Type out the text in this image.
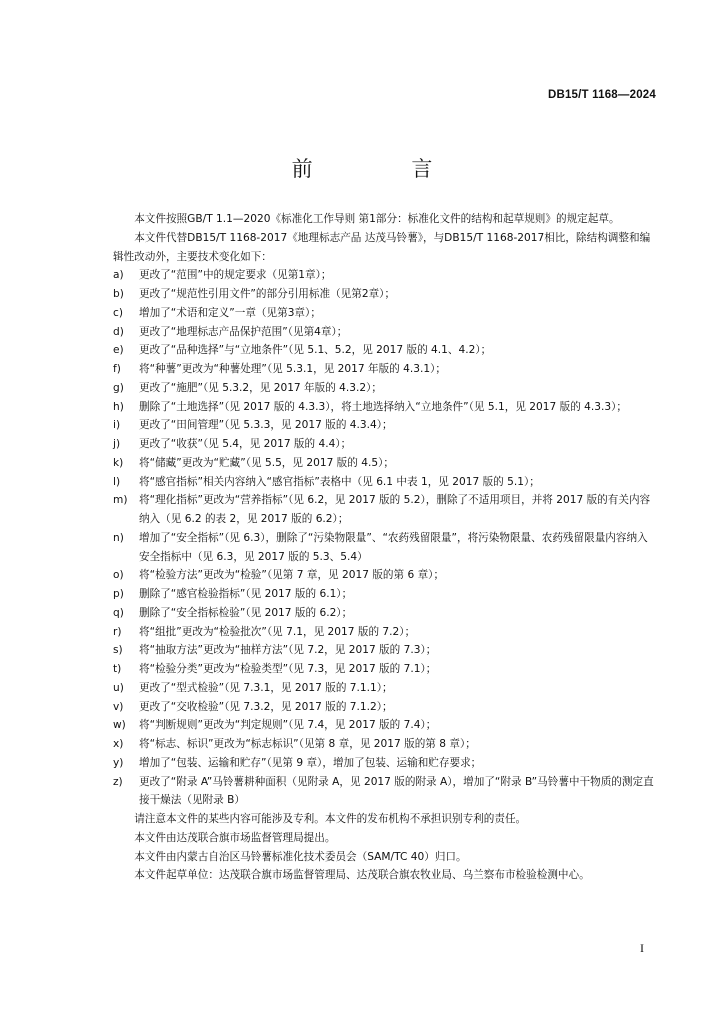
DB15/T 1168—2024
前 言
本文件按照GB/T 1.1—2020《标准化工作导则 第1部分：标准化文件的结构和起草规则》的规定起草。
本文件代替DB15/T 1168-2017《地理标志产品 达茂马铃薯》，与DB15/T 1168-2017相比，除结构调整和编辑性改动外，主要技术变化如下：
a)	更改了“范围”中的规定要求（见第1章）；
b)	更改了“规范性引用文件”的部分引用标准（见第2章）；
c)	增加了“术语和定义”一章（见第3章）；
d)	更改了“地理标志产品保护范围”（见第4章）；
e)	更改了“品种选择”与“立地条件”（见 5.1、5.2，见 2017 版的 4.1、4.2）；
f)	将“种薯”更改为“种薯处理”（见 5.3.1，见 2017 年版的 4.3.1）；
g)	更改了“施肥”（见 5.3.2，见 2017 年版的 4.3.2）；
h)	删除了“土地选择”（见 2017 版的 4.3.3），将土地选择纳入“立地条件”（见 5.1，见 2017 版的 4.3.3）；
i)	更改了“田间管理”（见 5.3.3，见 2017 版的 4.3.4）；
j)	更改了“收获”（见 5.4，见 2017 版的 4.4）；
k)	将“储藏”更改为“贮藏”（见 5.5，见 2017 版的 4.5）；
l)	将“感官指标”相关内容纳入“感官指标”表格中（见 6.1 中表 1，见 2017 版的 5.1）；
m)	将“理化指标”更改为“营养指标”（见 6.2，见 2017 版的 5.2），删除了不适用项目，并将 2017 版的有关内容纳入（见 6.2 的表 2，见 2017 版的 6.2）；
n)	增加了“安全指标”（见 6.3），删除了“污染物限量”、“农药残留限量”，将污染物限量、农药残留限量内容纳入安全指标中（见 6.3，见 2017 版的 5.3、5.4）
o)	将“检验方法”更改为“检验”（见第 7 章，见 2017 版的第 6 章）；
p)	删除了“感官检验指标”（见 2017 版的 6.1）；
q)	删除了“安全指标检验”（见 2017 版的 6.2）；
r)	将“组批”更改为“检验批次”（见 7.1，见 2017 版的 7.2）；
s)	将“抽取方法”更改为“抽样方法”（见 7.2，见 2017 版的 7.3）；
t)	将“检验分类”更改为“检验类型”（见 7.3，见 2017 版的 7.1）；
u)	更改了“型式检验”（见 7.3.1，见 2017 版的 7.1.1）；
v)	更改了“交收检验”（见 7.3.2，见 2017 版的 7.1.2）；
w)	将“判断规则”更改为“判定规则”（见 7.4，见 2017 版的 7.4）；
x)	将“标志、标识”更改为“标志标识”（见第 8 章，见 2017 版的第 8 章）；
y)	增加了“包装、运输和贮存”（见第 9 章），增加了包装、运输和贮存要求；
z)	更改了“附录 A”马铃薯耕种面积（见附录 A，见 2017 版的附录 A），增加了“附录 B”马铃薯中干物质的测定直接干燥法（见附录 B）
请注意本文件的某些内容可能涉及专利。本文件的发布机构不承担识别专利的责任。
本文件由达茂联合旗市场监督管理局提出。
本文件由内蒙古自治区马铃薯标准化技术委员会（SAM/TC 40）归口。
本文件起草单位：达茂联合旗市场监督管理局、达茂联合旗农牧业局、乌兰察布市检验检测中心。
I
